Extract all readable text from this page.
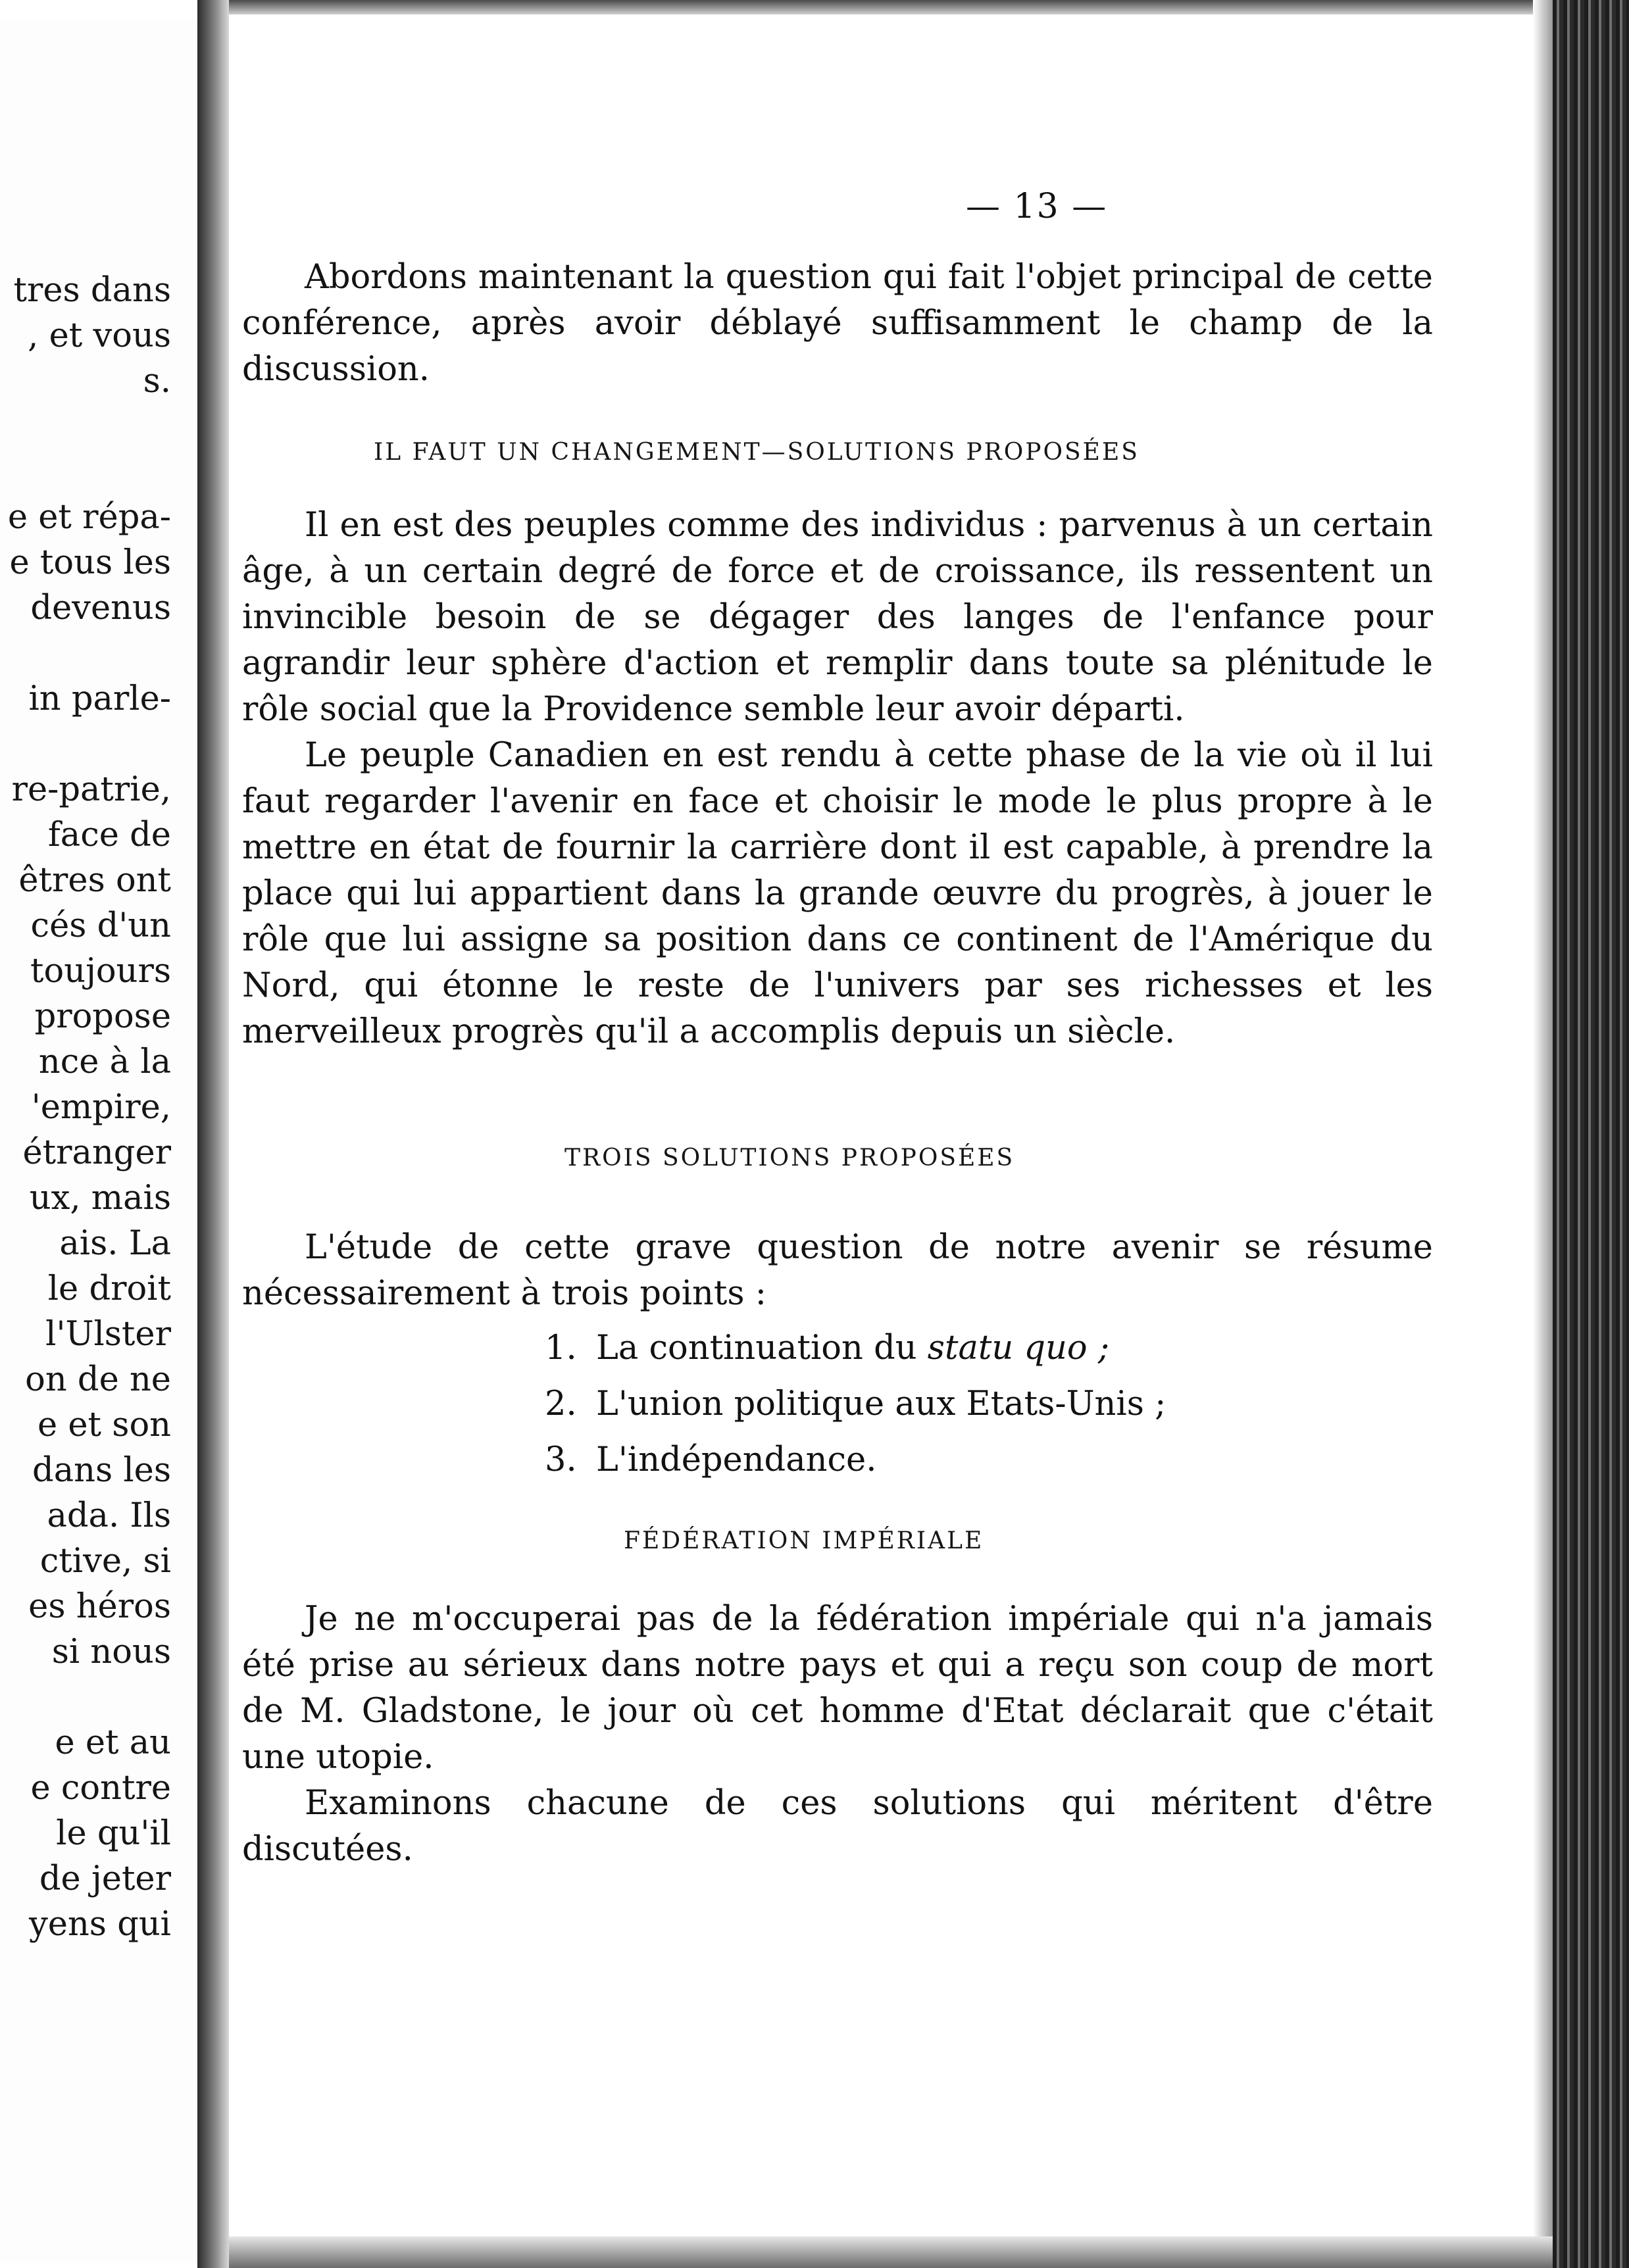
tres dans
, et vous
s.
e et répa-
e tous les
devenus
in parle-
re-patrie,
face de
êtres ont
cés d'un
toujours
propose
nce à la
'empire,
étranger
ux, mais
ais. La
le droit
l'Ulster
on de ne
e et son
dans les
ada. Ils
ctive, si
es héros
si nous
e et au
e contre
le qu'il
de jeter
yens qui
— 13 —

Abordons maintenant la question qui fait l'objet principal de cette conférence, après avoir déblayé suffisamment le champ de la discussion.

IL FAUT UN CHANGEMENT—SOLUTIONS PROPOSÉES

Il en est des peuples comme des individus : parvenus à un certain âge, à un certain degré de force et de croissance, ils ressentent un invincible besoin de se dégager des langes de l'enfance pour agrandir leur sphère d'action et remplir dans toute sa plénitude le rôle social que la Providence semble leur avoir départi.

Le peuple Canadien en est rendu à cette phase de la vie où il lui faut regarder l'avenir en face et choisir le mode le plus propre à le mettre en état de fournir la carrière dont il est capable, à prendre la place qui lui appartient dans la grande œuvre du progrès, à jouer le rôle que lui assigne sa position dans ce continent de l'Amérique du Nord, qui étonne le reste de l'univers par ses richesses et les merveilleux progrès qu'il a accomplis depuis un siècle.

TROIS SOLUTIONS PROPOSÉES

L'étude de cette grave question de notre avenir se résume nécessairement à trois points :

1. La continuation du statu quo ;
2. L'union politique aux Etats-Unis ;
3. L'indépendance.
FÉDÉRATION IMPÉRIALE

Je ne m'occuperai pas de la fédération impériale qui n'a jamais été prise au sérieux dans notre pays et qui a reçu son coup de mort de M. Gladstone, le jour où cet homme d'Etat déclarait que c'était une utopie.

Examinons chacune de ces solutions qui méritent d'être discutées.
